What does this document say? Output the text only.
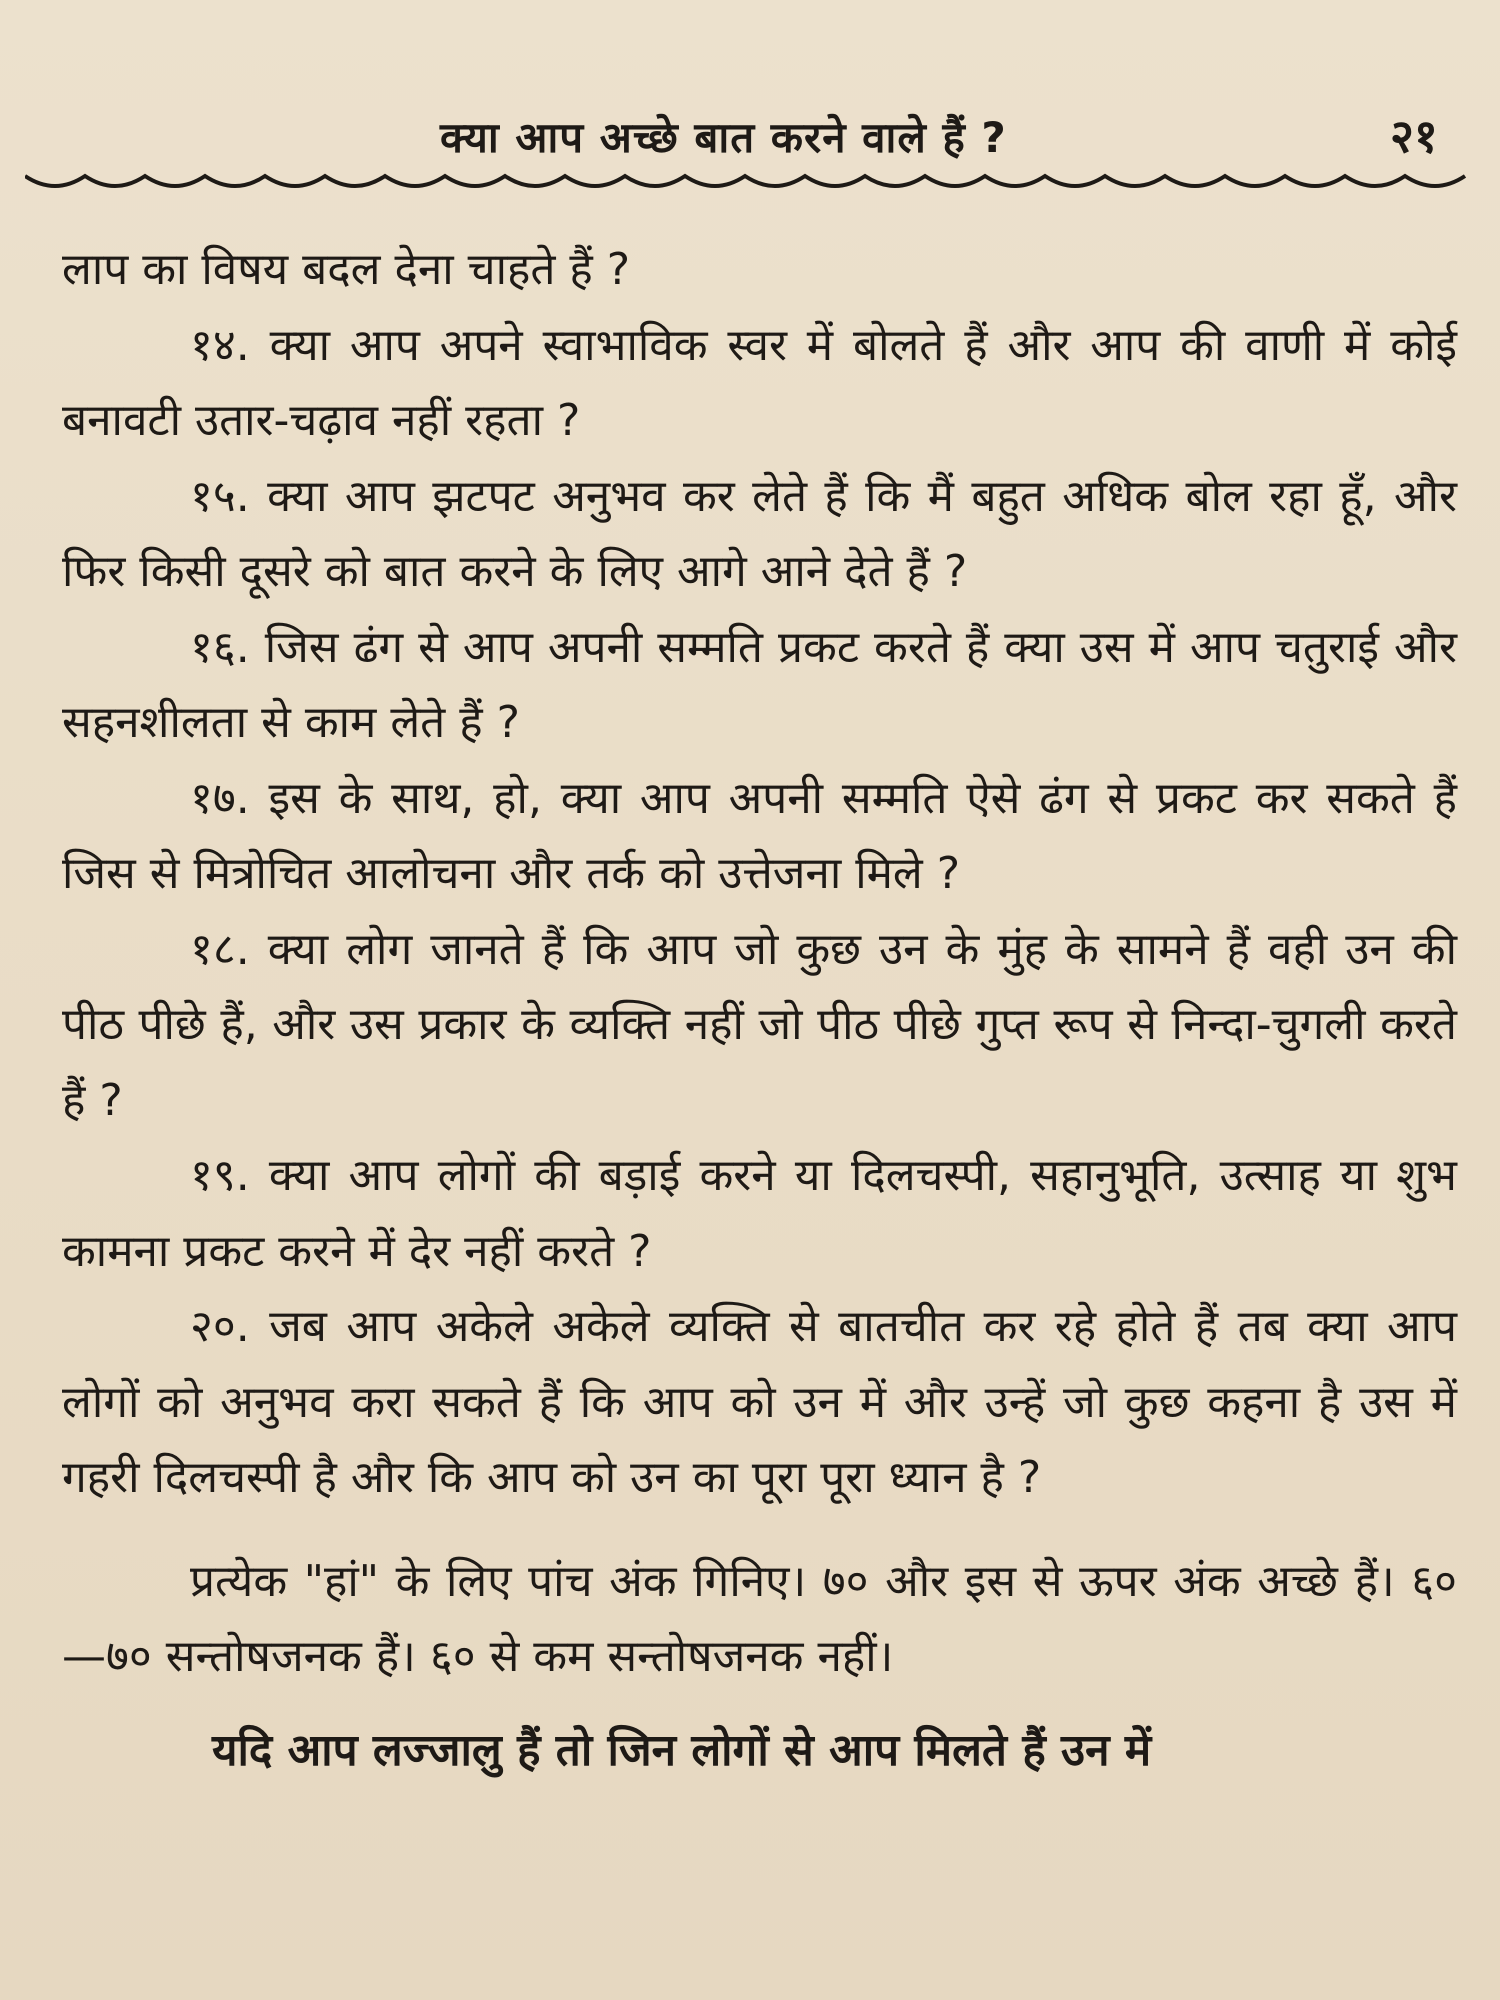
क्या आप अच्छे बात करने वाले हैं ?	२१

लाप का विषय बदल देना चाहते हैं ?

१४. क्या आप अपने स्वाभाविक स्वर में बोलते हैं और आप की वाणी में कोई बनावटी उतार-चढ़ाव नहीं रहता ?

१५. क्या आप झटपट अनुभव कर लेते हैं कि मैं बहुत अधिक बोल रहा हूँ, और फिर किसी दूसरे को बात करने के लिए आगे आने देते हैं ?

१६. जिस ढंग से आप अपनी सम्मति प्रकट करते हैं क्या उस में आप चतुराई और सहनशीलता से काम लेते हैं ?

१७. इस के साथ, हो, क्या आप अपनी सम्मति ऐसे ढंग से प्रकट कर सकते हैं जिस से मित्रोचित आलोचना और तर्क को उत्तेजना मिले ?

१८. क्या लोग जानते हैं कि आप जो कुछ उन के मुंह के सामने हैं वही उन की पीठ पीछे हैं, और उस प्रकार के व्यक्ति नहीं जो पीठ पीछे गुप्त रूप से निन्दा-चुगली करते हैं ?

१९. क्या आप लोगों की बड़ाई करने या दिलचस्पी, सहानुभूति, उत्साह या शुभ कामना प्रकट करने में देर नहीं करते ?

२०. जब आप अकेले अकेले व्यक्ति से बातचीत कर रहे होते हैं तब क्या आप लोगों को अनुभव करा सकते हैं कि आप को उन में और उन्हें जो कुछ कहना है उस में गहरी दिलचस्पी है और कि आप को उन का पूरा पूरा ध्यान है ?

प्रत्येक "हां" के लिए पांच अंक गिनिए। ७० और इस से ऊपर अंक अच्छे हैं। ६०—७० सन्तोषजनक हैं। ६० से कम सन्तोषजनक नहीं।

यदि आप लज्जालु हैं तो जिन लोगों से आप मिलते हैं उन में
